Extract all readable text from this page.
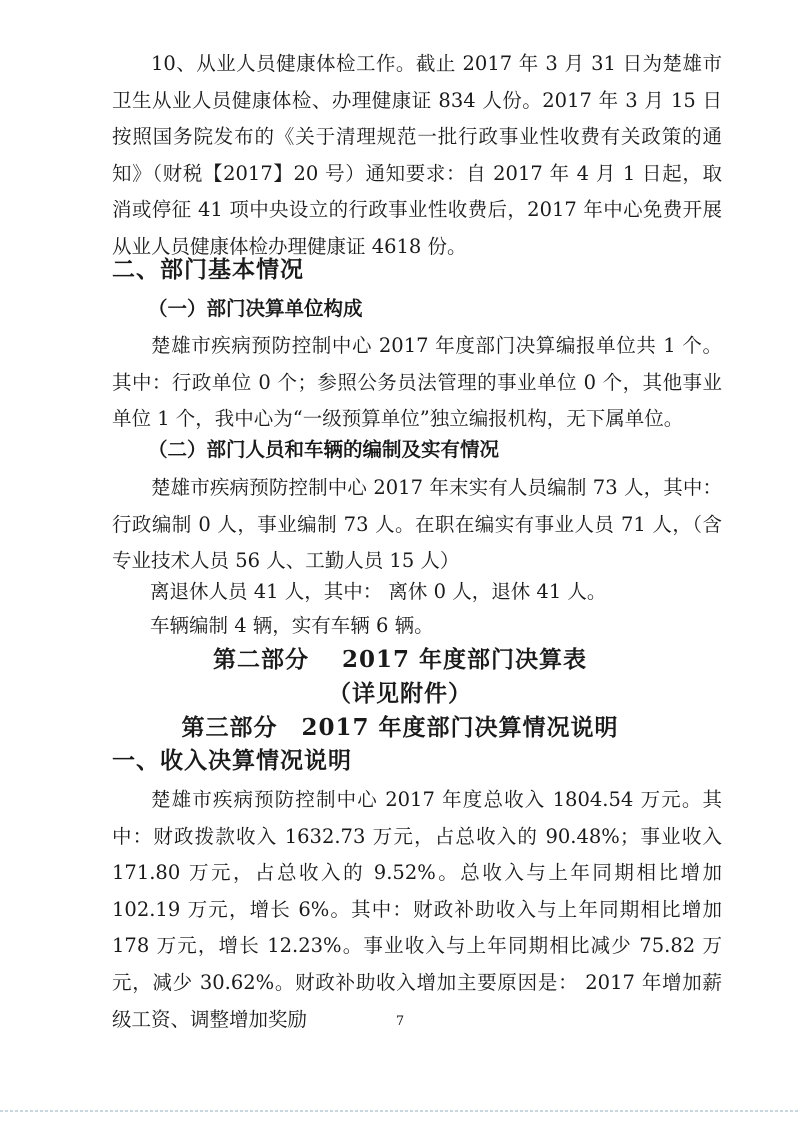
10、从业人员健康体检工作。截止 2017 年 3 月 31 日为楚雄市卫生从业人员健康体检、办理健康证 834 人份。2017 年 3 月 15 日按照国务院发布的《关于清理规范一批行政事业性收费有关政策的通知》（财税【2017】20 号）通知要求：自 2017 年 4 月 1 日起，取消或停征 41 项中央设立的行政事业性收费后，2017 年中心免费开展从业人员健康体检办理健康证 4618 份。

二、部门基本情况
（一）部门决算单位构成

楚雄市疾病预防控制中心 2017 年度部门决算编报单位共 1 个。其中：行政单位 0 个；参照公务员法管理的事业单位 0 个，其他事业单位 1 个，我中心为“一级预算单位”独立编报机构，无下属单位。

（二）部门人员和车辆的编制及实有情况

楚雄市疾病预防控制中心 2017 年末实有人员编制 73 人，其中：行政编制 0 人，事业编制 73 人。在职在编实有事业人员 71 人，（含专业技术人员 56 人、工勤人员 15 人）

离退休人员 41 人，其中： 离休 0 人，退休 41 人。

车辆编制 4 辆，实有车辆 6 辆。

第二部分　 2017 年度部门决算表
（详见附件）
第三部分　2017 年度部门决算情况说明
一、收入决算情况说明

楚雄市疾病预防控制中心 2017 年度总收入 1804.54 万元。其中：财政拨款收入 1632.73 万元，占总收入的 90.48%；事业收入 171.80 万元，占总收入的 9.52%。总收入与上年同期相比增加 102.19 万元，增长 6%。其中：财政补助收入与上年同期相比增加 178 万元，增长 12.23%。事业收入与上年同期相比减少 75.82 万元，减少 30.62%。财政补助收入增加主要原因是： 2017 年增加薪级工资、调整增加奖励	7
